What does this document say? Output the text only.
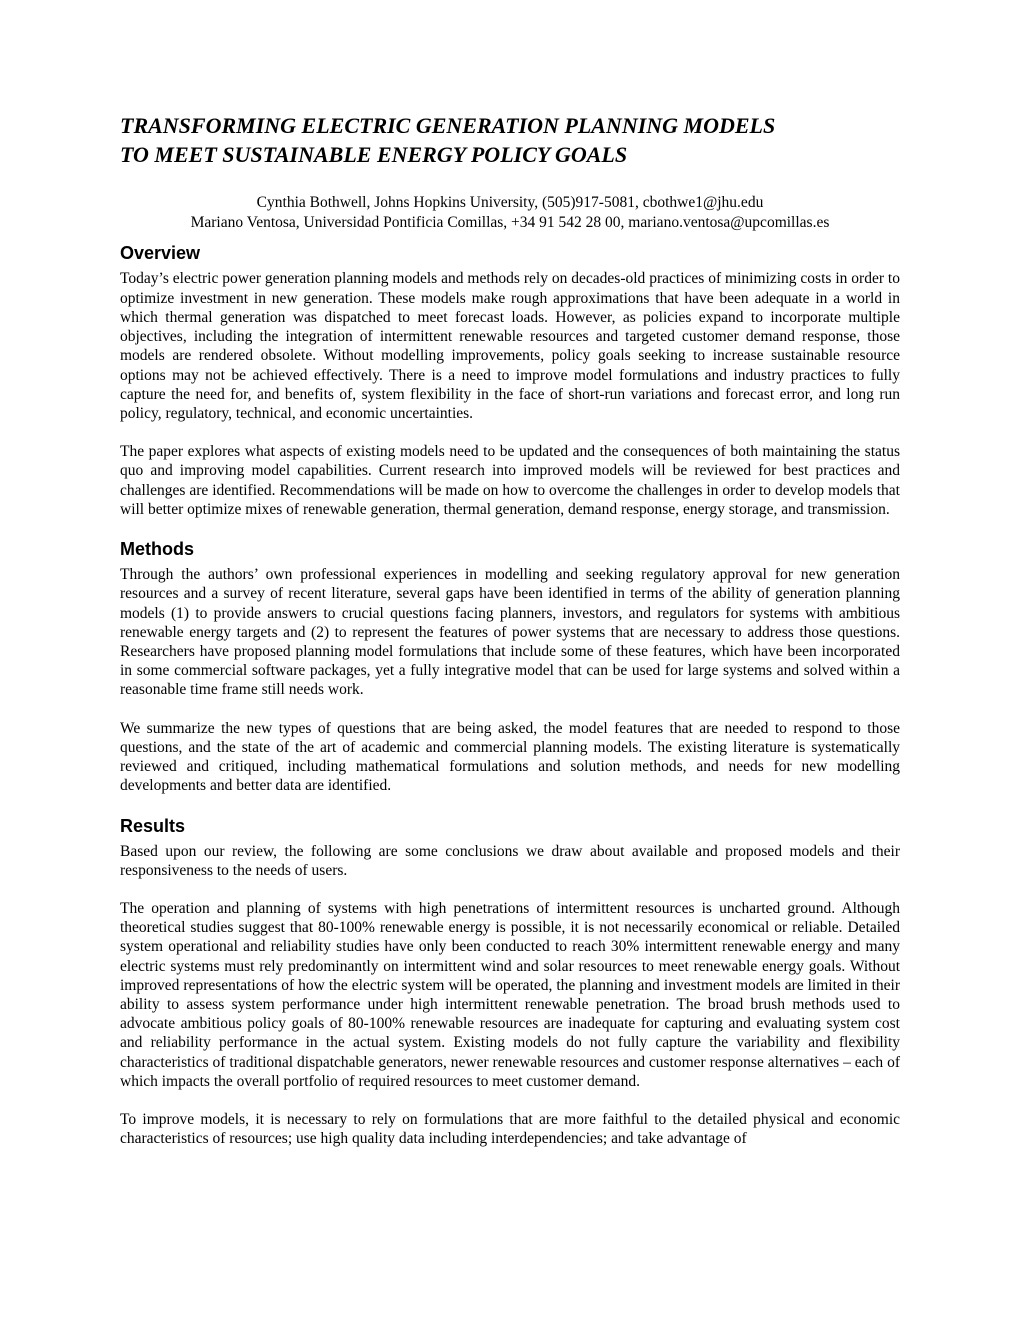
TRANSFORMING ELECTRIC GENERATION PLANNING MODELS
TO MEET SUSTAINABLE ENERGY POLICY GOALS
Cynthia Bothwell, Johns Hopkins University, (505)917-5081, cbothwe1@jhu.edu
Mariano Ventosa, Universidad Pontificia Comillas, +34 91 542 28 00, mariano.ventosa@upcomillas.es
Overview

Today’s electric power generation planning models and methods rely on decades-old practices of minimizing costs in order to optimize investment in new generation. These models make rough approximations that have been adequate in a world in which thermal generation was dispatched to meet forecast loads. However, as policies expand to incorporate multiple objectives, including the integration of intermittent renewable resources and targeted customer demand response, those models are rendered obsolete. Without modelling improvements, policy goals seeking to increase sustainable resource options may not be achieved effectively. There is a need to improve model formulations and industry practices to fully capture the need for, and benefits of, system flexibility in the face of short-run variations and forecast error, and long run policy, regulatory, technical, and economic uncertainties.

The paper explores what aspects of existing models need to be updated and the consequences of both maintaining the status quo and improving model capabilities. Current research into improved models will be reviewed for best practices and challenges are identified. Recommendations will be made on how to overcome the challenges in order to develop models that will better optimize mixes of renewable generation, thermal generation, demand response, energy storage, and transmission.

Methods

Through the authors’ own professional experiences in modelling and seeking regulatory approval for new generation resources and a survey of recent literature, several gaps have been identified in terms of the ability of generation planning models (1) to provide answers to crucial questions facing planners, investors, and regulators for systems with ambitious renewable energy targets and (2) to represent the features of power systems that are necessary to address those questions. Researchers have proposed planning model formulations that include some of these features, which have been incorporated in some commercial software packages, yet a fully integrative model that can be used for large systems and solved within a reasonable time frame still needs work.

We summarize the new types of questions that are being asked, the model features that are needed to respond to those questions, and the state of the art of academic and commercial planning models. The existing literature is systematically reviewed and critiqued, including mathematical formulations and solution methods, and needs for new modelling developments and better data are identified.

Results

Based upon our review, the following are some conclusions we draw about available and proposed models and their responsiveness to the needs of users.

The operation and planning of systems with high penetrations of intermittent resources is uncharted ground. Although theoretical studies suggest that 80-100% renewable energy is possible, it is not necessarily economical or reliable. Detailed system operational and reliability studies have only been conducted to reach 30% intermittent renewable energy and many electric systems must rely predominantly on intermittent wind and solar resources to meet renewable energy goals. Without improved representations of how the electric system will be operated, the planning and investment models are limited in their ability to assess system performance under high intermittent renewable penetration. The broad brush methods used to advocate ambitious policy goals of 80-100% renewable resources are inadequate for capturing and evaluating system cost and reliability performance in the actual system. Existing models do not fully capture the variability and flexibility characteristics of traditional dispatchable generators, newer renewable resources and customer response alternatives – each of which impacts the overall portfolio of required resources to meet customer demand.

To improve models, it is necessary to rely on formulations that are more faithful to the detailed physical and economic characteristics of resources; use high quality data including interdependencies; and take advantage of
